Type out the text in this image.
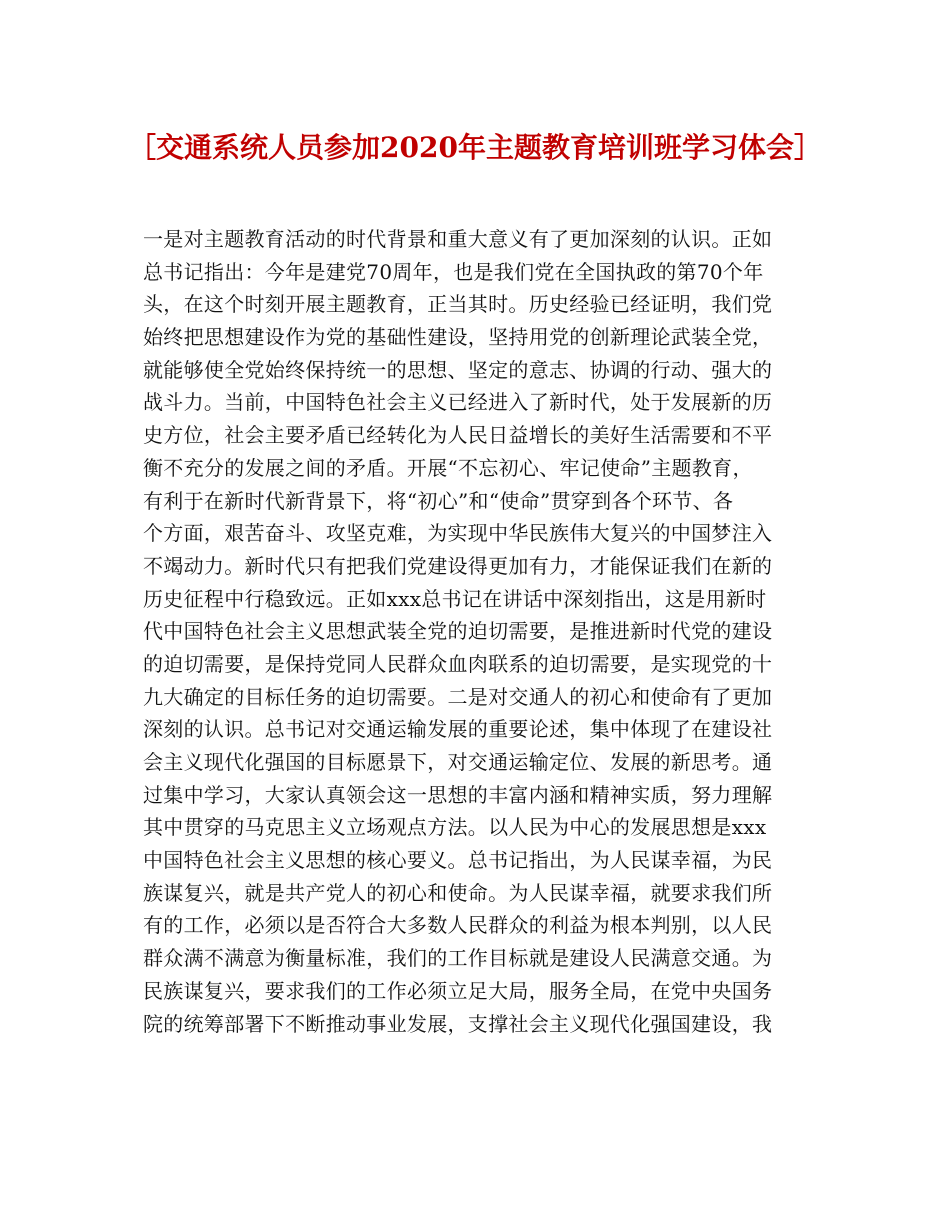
［交通系统人员参加2020年主题教育培训班学习体会］
一是对主题教育活动的时代背景和重大意义有了更加深刻的认识。正如
总书记指出：今年是建党70周年，也是我们党在全国执政的第70个年
头，在这个时刻开展主题教育，正当其时。历史经验已经证明，我们党
始终把思想建设作为党的基础性建设，坚持用党的创新理论武装全党，
就能够使全党始终保持统一的思想、坚定的意志、协调的行动、强大的
战斗力。当前，中国特色社会主义已经进入了新时代，处于发展新的历
史方位，社会主要矛盾已经转化为人民日益增长的美好生活需要和不平
衡不充分的发展之间的矛盾。开展“不忘初心、牢记使命”主题教育，
有利于在新时代新背景下，将“初心”和“使命”贯穿到各个环节、各
个方面，艰苦奋斗、攻坚克难，为实现中华民族伟大复兴的中国梦注入
不竭动力。新时代只有把我们党建设得更加有力，才能保证我们在新的
历史征程中行稳致远。正如xxx总书记在讲话中深刻指出，这是用新时
代中国特色社会主义思想武装全党的迫切需要，是推进新时代党的建设
的迫切需要，是保持党同人民群众血肉联系的迫切需要，是实现党的十
九大确定的目标任务的迫切需要。二是对交通人的初心和使命有了更加
深刻的认识。总书记对交通运输发展的重要论述，集中体现了在建设社
会主义现代化强国的目标愿景下，对交通运输定位、发展的新思考。通
过集中学习，大家认真领会这一思想的丰富内涵和精神实质，努力理解
其中贯穿的马克思主义立场观点方法。以人民为中心的发展思想是xxx
中国特色社会主义思想的核心要义。总书记指出，为人民谋幸福，为民
族谋复兴，就是共产党人的初心和使命。为人民谋幸福，就要求我们所
有的工作，必须以是否符合大多数人民群众的利益为根本判别，以人民
群众满不满意为衡量标准，我们的工作目标就是建设人民满意交通。为
民族谋复兴，要求我们的工作必须立足大局，服务全局，在党中央国务
院的统筹部署下不断推动事业发展，支撑社会主义现代化强国建设，我
